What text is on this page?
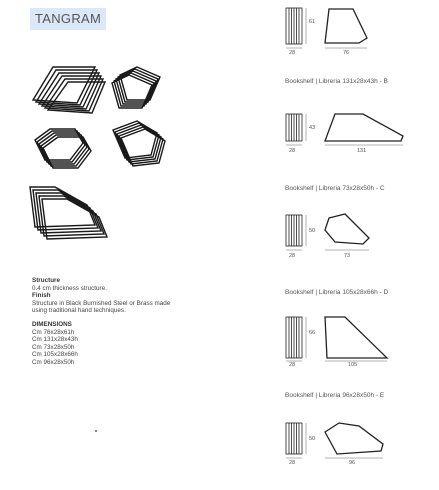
TANGRAM
Structure
0.4 cm thickness structure.
Finish
Structure in Black Burnished Steel or Brass made
using traditional hand techniques.
DIMENSIONS
Cm 76x28x61h
Cm 131x28x43h
Cm 73x28x50h
Cm 105x28x66h
Cm 96x28x50h
61
28	76
Bookshelf | Libreria 131x28x43h - B
43
28	131
Bookshelf | Libreria 73x28x50h - C
50
28	73
Bookshelf | Libreria 105x28x66h - D
66
28	105
Bookshelf | Libreria 96x28x50h - E
50
28	96
